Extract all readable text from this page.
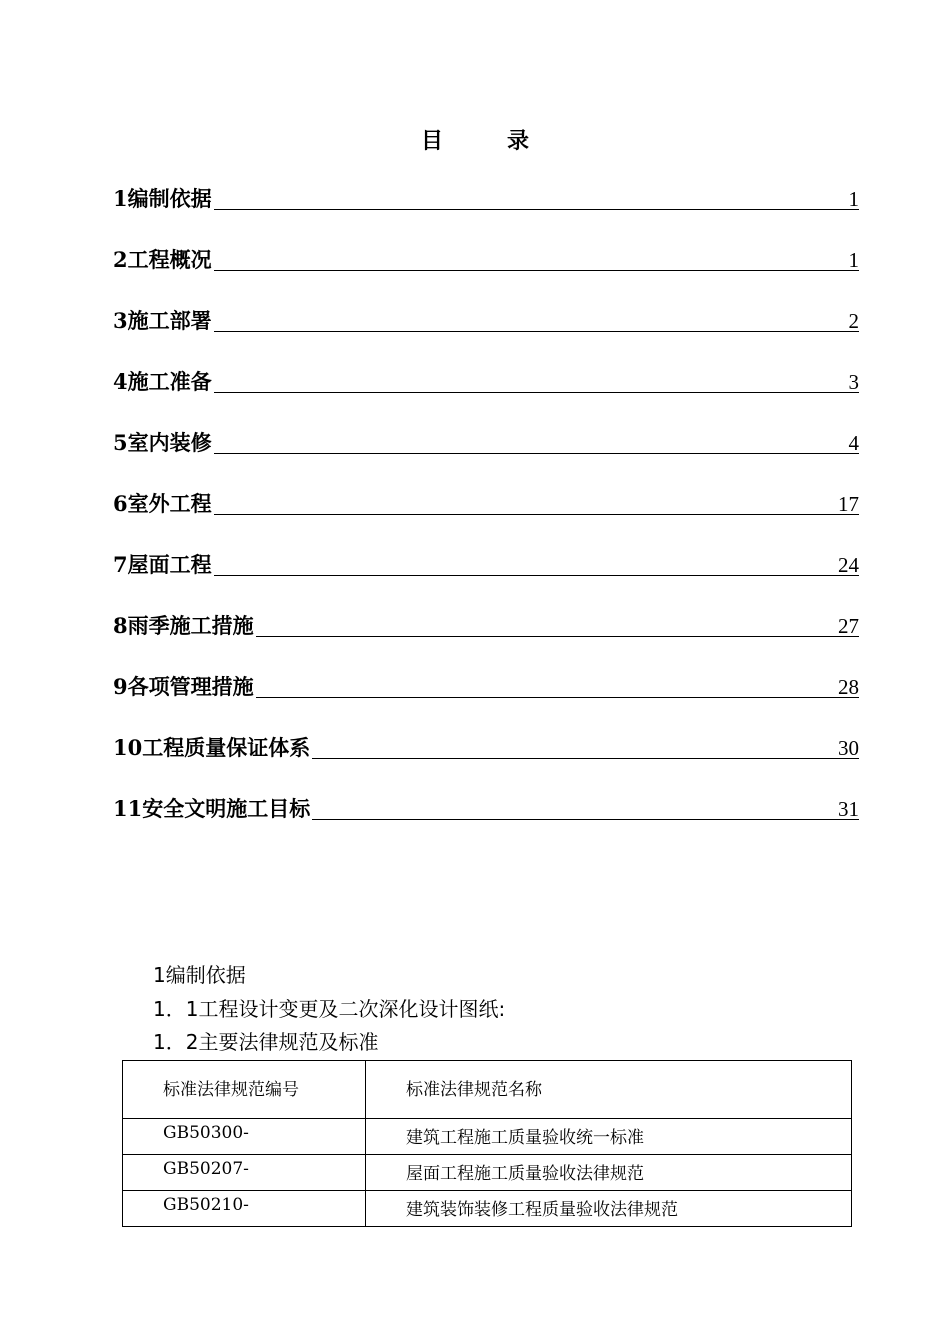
目	录
1编制依据	1
2工程概况	1
3施工部署	2
4施工准备	3
5室内装修	4
6室外工程	17
7屋面工程	24
8雨季施工措施	27
9各项管理措施	28
10工程质量保证体系	30
11安全文明施工目标	31
1编制依据
1．1工程设计变更及二次深化设计图纸:
1．2主要法律规范及标准
标准法律规范编号	标准法律规范名称
GB50300-	建筑工程施工质量验收统一标准
GB50207-	屋面工程施工质量验收法律规范
GB50210-	建筑装饰装修工程质量验收法律规范
